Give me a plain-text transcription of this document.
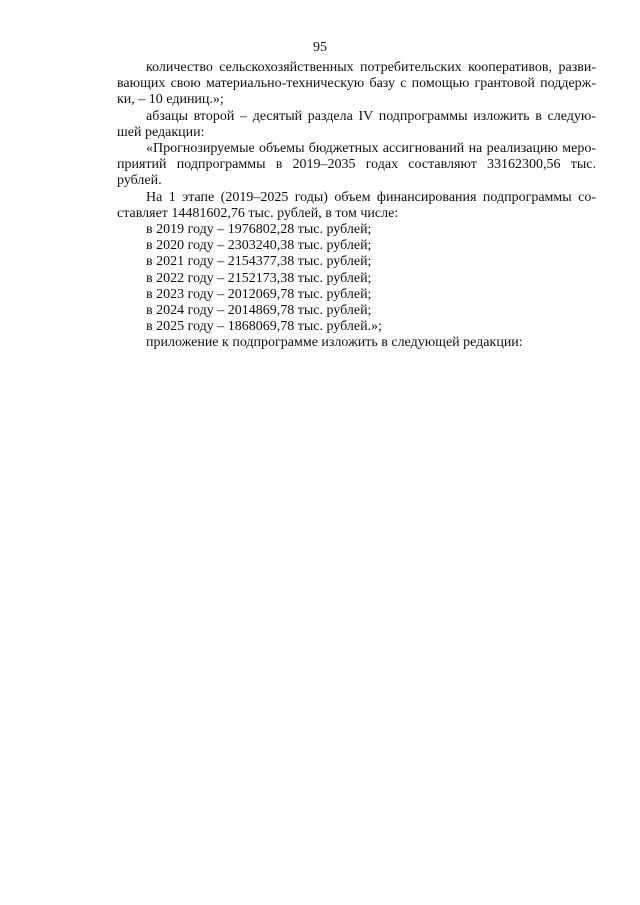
95
количество сельскохозяйственных потребительских кооперативов, разви-
вающих свою материально-техническую базу с помощью грантовой поддерж-
ки, – 10 единиц.»;
абзацы второй – десятый раздела IV подпрограммы изложить в следую-
шей редакции:
«Прогнозируемые объемы бюджетных ассигнований на реализацию меро-
приятий подпрограммы в 2019–2035 годах составляют 33162300,56 тыс. рублей.
На 1 этапе (2019–2025 годы) объем финансирования подпрограммы со-
ставляет 14481602,76 тыс. рублей, в том числе:

в 2019 году – 1976802,28 тыс. рублей;

в 2020 году – 2303240,38 тыс. рублей;

в 2021 году – 2154377,38 тыс. рублей;

в 2022 году – 2152173,38 тыс. рублей;

в 2023 году – 2012069,78 тыс. рублей;

в 2024 году – 2014869,78 тыс. рублей;

в 2025 году – 1868069,78 тыс. рублей.»;

приложение к подпрограмме изложить в следующей редакции:
